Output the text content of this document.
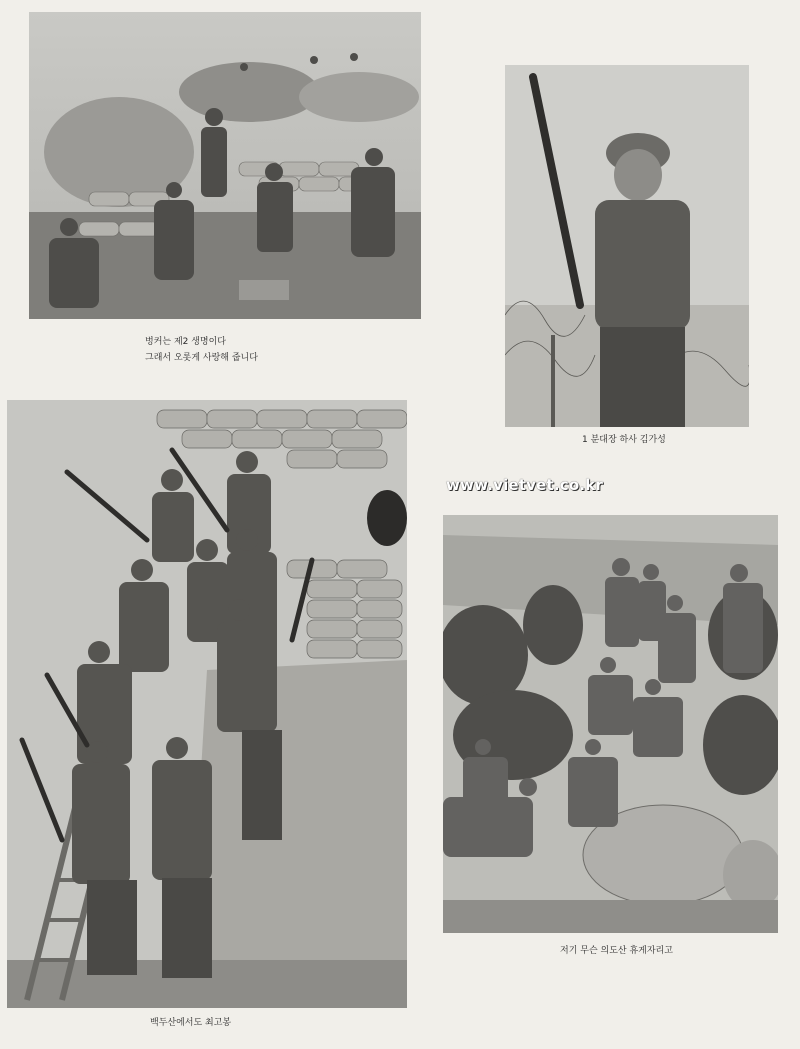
벙커는 제2 생명이다
그래서 오롯게 사랑해 줍니다
1 분대장 하사 김가성
www.vietvet.co.kr
백두산에서도 최고봉
저기 무슨 의도산 휴게자리고
